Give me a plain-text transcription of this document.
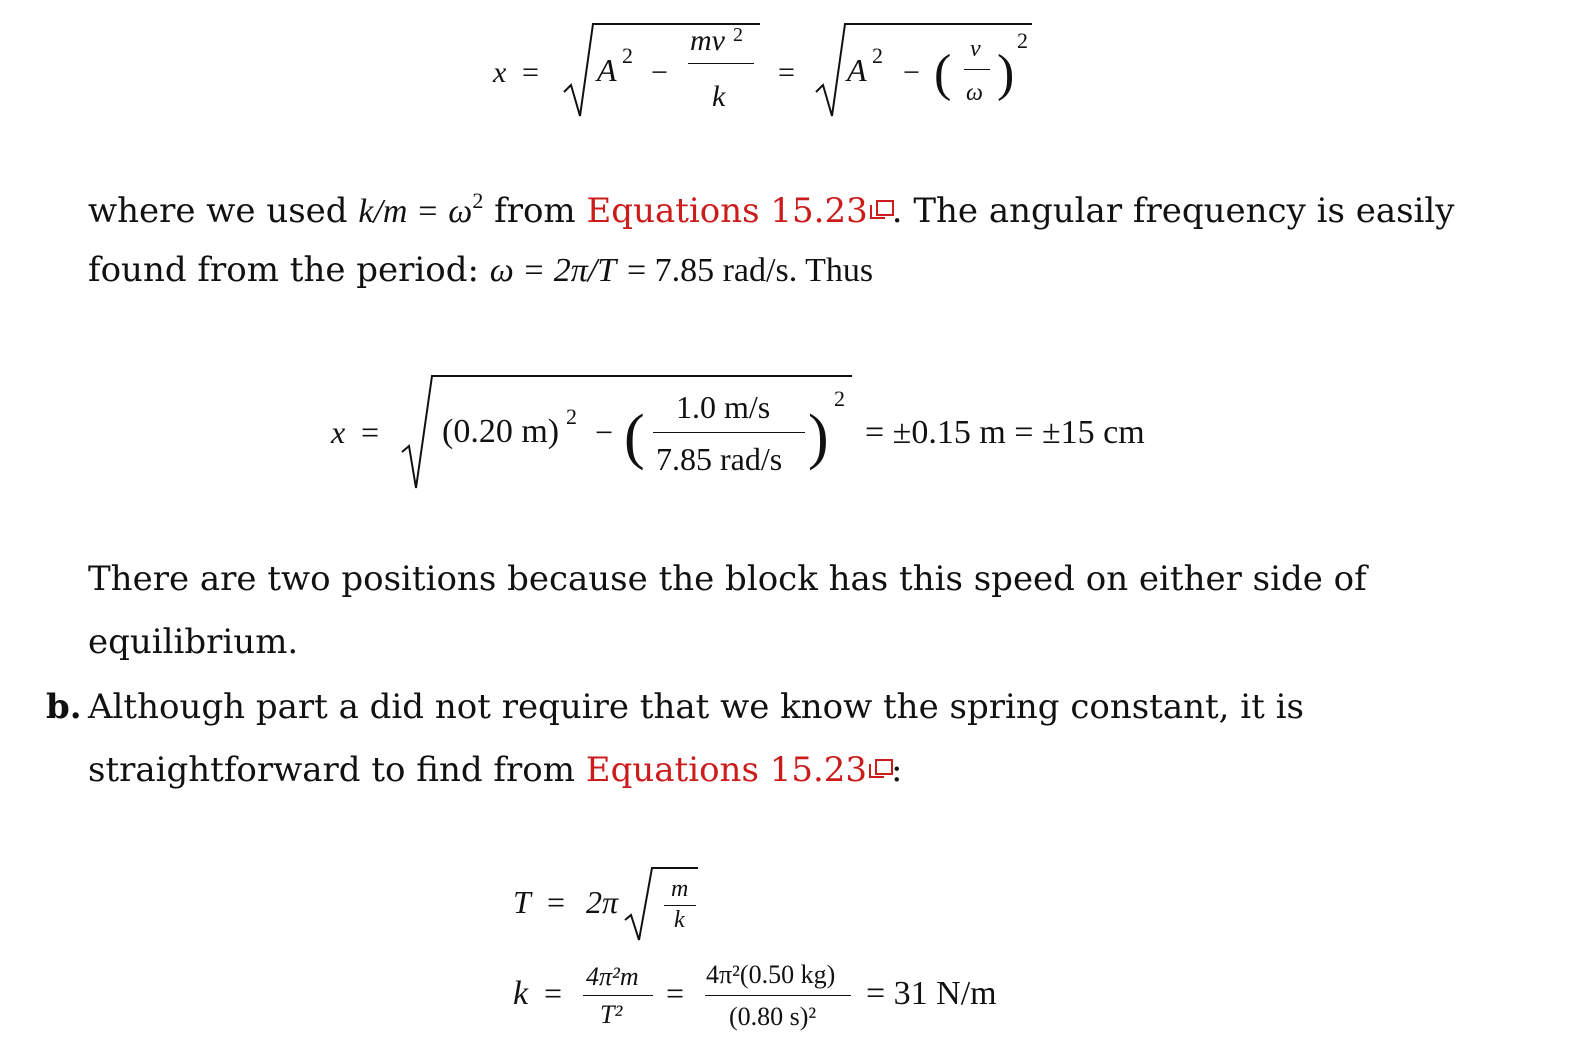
x = A 2
−
mv 2
k
= A 2
− ( v
ω )
2
where we used $k/m = \omega^2$ from Equations 15.23 . The angular frequency is easily
found from the period: ω = 2π/T = 7.85 rad/s. Thus
x = (0.20 m) 2 − ( 1.0 m/s
7.85 rad/s )
2
= ±0.15 m = ±15 cm
There are two positions because the block has this speed on either side of
equilibrium.
b. Although part a did not require that we know the spring constant, it is
straightforward to find from Equations 15.23 :
T = 2π m
k
k = 4π²m
T²
=
4π²(0.50 kg)
(0.80 s)²
= 31 N/m
